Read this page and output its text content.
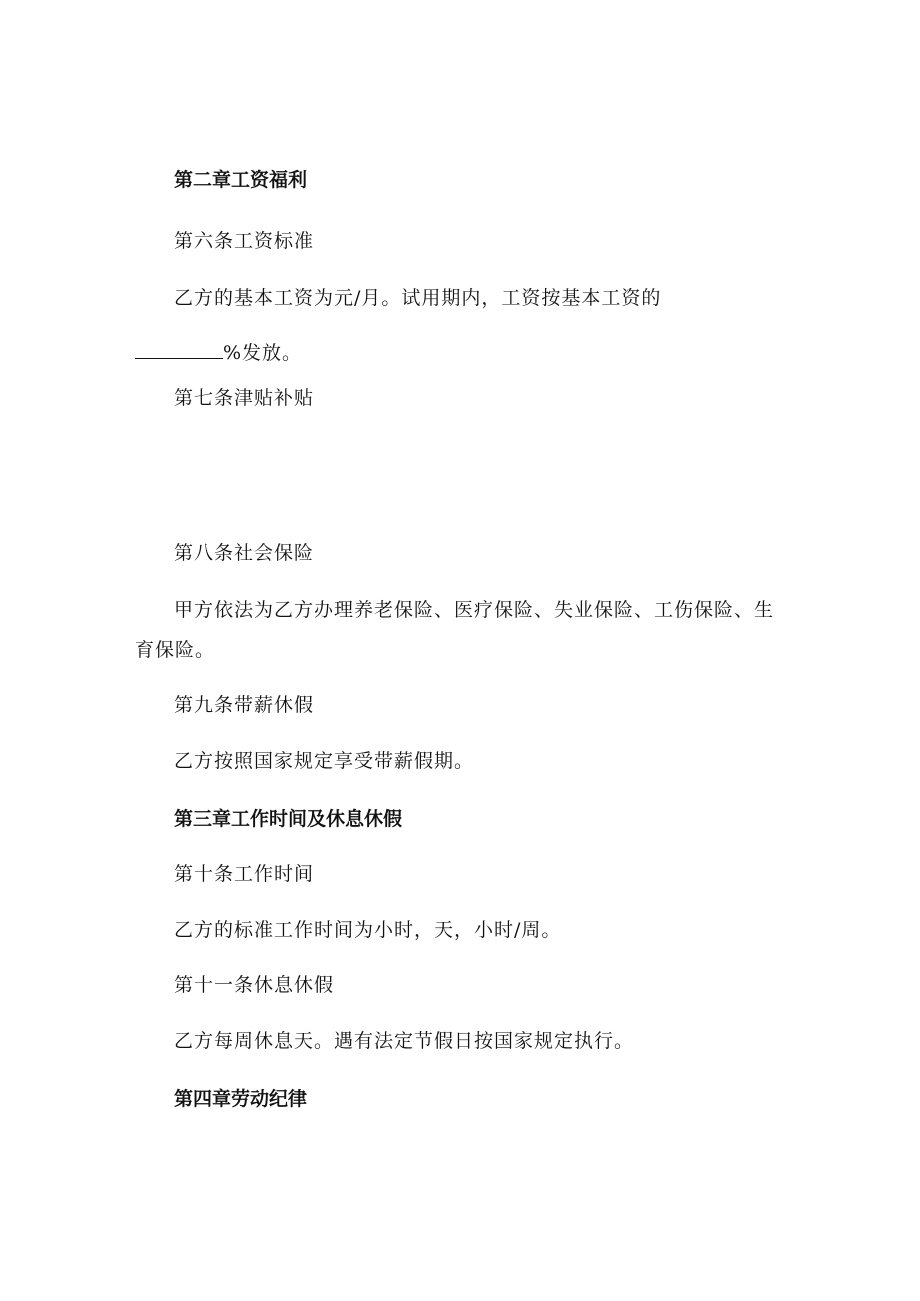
第二章工资福利
第六条工资标准
乙方的基本工资为元/月。试用期内，工资按基本工资的
%发放。
第七条津贴补贴
第八条社会保险
甲方依法为乙方办理养老保险、医疗保险、失业保险、工伤保险、生
育保险。
第九条带薪休假
乙方按照国家规定享受带薪假期。
第三章工作时间及休息休假
第十条工作时间
乙方的标准工作时间为小时，天，小时/周。
第十一条休息休假
乙方每周休息天。遇有法定节假日按国家规定执行。
第四章劳动纪律
